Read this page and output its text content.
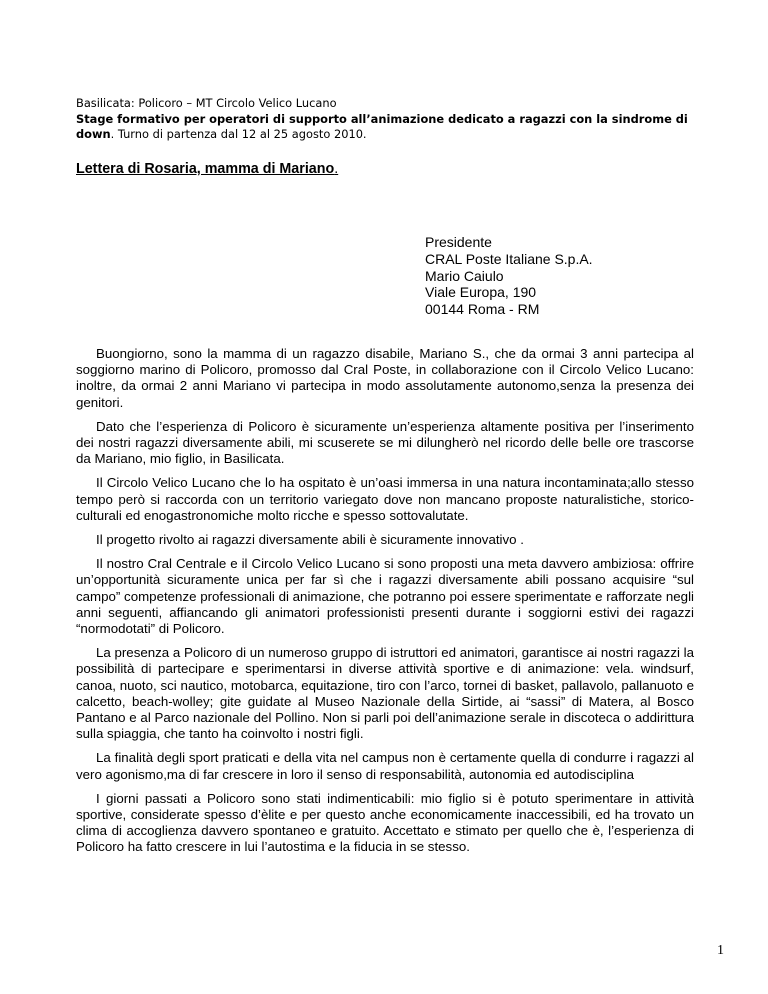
Basilicata: Policoro – MT Circolo Velico Lucano
Stage formativo per operatori di supporto all’animazione dedicato a ragazzi con la sindrome di down. Turno di partenza dal 12 al 25 agosto 2010.
Lettera di Rosaria, mamma di Mariano.
Presidente
CRAL Poste Italiane S.p.A.
Mario Caiulo
Viale Europa, 190
00144 Roma - RM

Buongiorno, sono la mamma di un ragazzo disabile, Mariano S., che da ormai 3 anni partecipa al soggiorno marino di Policoro, promosso dal Cral Poste, in collaborazione con il Circolo Velico Lucano: inoltre, da ormai 2 anni Mariano vi partecipa in modo assolutamente autonomo,senza la presenza dei genitori.

Dato che l’esperienza di Policoro è sicuramente un’esperienza altamente positiva per l’inserimento dei nostri ragazzi diversamente abili, mi scuserete se mi dilungherò nel ricordo delle belle ore trascorse da Mariano, mio figlio, in Basilicata.

Il Circolo Velico Lucano che lo ha ospitato è un’oasi immersa in una natura incontaminata;allo stesso tempo però si raccorda con un territorio variegato dove non mancano proposte naturalistiche, storico-culturali ed enogastronomiche molto ricche e spesso sottovalutate.

Il progetto rivolto ai ragazzi diversamente abili è sicuramente innovativo .

Il nostro Cral Centrale e il Circolo Velico Lucano si sono proposti una meta davvero ambiziosa: offrire un’opportunità sicuramente unica per far sì che i ragazzi diversamente abili possano acquisire “sul campo” competenze professionali di animazione, che potranno poi essere sperimentate e rafforzate negli anni seguenti, affiancando gli animatori professionisti presenti durante i soggiorni estivi dei ragazzi “normodotati” di Policoro.

La presenza a Policoro di un numeroso gruppo di istruttori ed animatori, garantisce ai nostri ragazzi la possibilità di partecipare e sperimentarsi in diverse attività sportive e di animazione: vela. windsurf, canoa, nuoto, sci nautico, motobarca, equitazione, tiro con l’arco, tornei di basket, pallavolo, pallanuoto e calcetto, beach-wolley; gite guidate al Museo Nazionale della Sirtide, ai “sassi” di Matera, al Bosco Pantano e al Parco nazionale del Pollino. Non si parli poi dell’animazione serale in discoteca o addirittura sulla spiaggia, che tanto ha coinvolto i nostri figli.

La finalità degli sport praticati e della vita nel campus non è certamente quella di condurre i ragazzi al vero agonismo,ma di far crescere in loro il senso di responsabilità, autonomia ed autodisciplina

I giorni passati a Policoro sono stati indimenticabili: mio figlio si è potuto sperimentare in attività sportive, considerate spesso d’èlite e per questo anche economicamente inaccessibili, ed ha trovato un clima di accoglienza davvero spontaneo e gratuito. Accettato e stimato per quello che è, l’esperienza di Policoro ha fatto crescere in lui l’autostima e la fiducia in se stesso.

1
